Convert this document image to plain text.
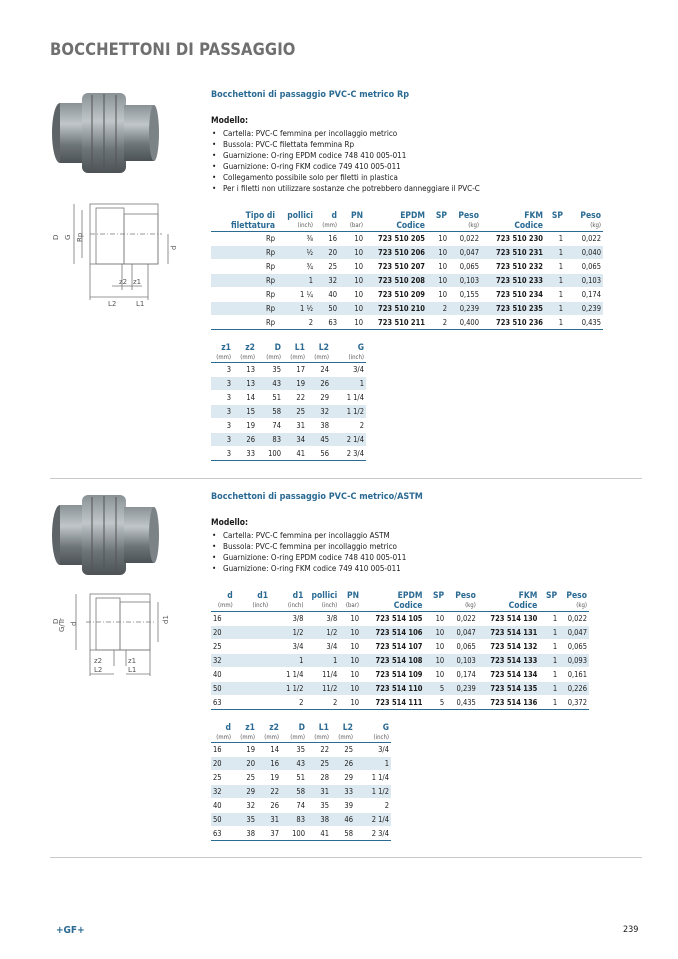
BOCCHETTONI DI PASSAGGIO
D G Rp
d
z2 z1
L2	L1
Bocchettoni di passaggio PVC-C metrico Rp
Modello:
• Cartella: PVC-C femmina per incollaggio metrico
• Bussola: PVC-C filettata femmina Rp
• Guarnizione: O-ring EPDM codice 748 410 005-011
• Guarnizione: O-ring FKM codice 749 410 005-011
• Collegamento possibile solo per filetti in plastica
• Per i filetti non utilizzare sostanze che potrebbero danneggiare il PVC-C
Tipo di	pollici	d	PN	EPDM	SP	Peso	FKM	SP	Peso
filettatura	(inch)	(mm)	(bar)	Codice		(kg)	Codice		(kg)
Rp	⅜	16	10	723 510 205	10	0,022	723 510 230	1	0,022
Rp	½	20	10	723 510 206	10	0,047	723 510 231	1	0,040
Rp	¾	25	10	723 510 207	10	0,065	723 510 232	1	0,065
Rp	1	32	10	723 510 208	10	0,103	723 510 233	1	0,103
Rp	1 ¼	40	10	723 510 209	10	0,155	723 510 234	1	0,174
Rp	1 ½	50	10	723 510 210	2	0,239	723 510 235	1	0,239
Rp	2	63	10	723 510 211	2	0,400	723 510 236	1	0,435
z1	z2	D	L1	L2	G
(mm)	(mm)	(mm)	(mm)	(mm)	(inch)
3	13	35	17	24	3/4
3	13	43	19	26	1
3	14	51	22	29	1 1/4
3	15	58	25	32	1 1/2
3	19	74	31	38	2
3	26	83	34	45	2 1/4
3	33	100	41	56	2 3/4
D
G/Tr d	d1
z2	z1
L2	L1
Bocchettoni di passaggio PVC-C metrico/ASTM
Modello:
• Cartella: PVC-C femmina per incollaggio ASTM
• Bussola: PVC-C femmina per incollaggio metrico
• Guarnizione: O-ring EPDM codice 748 410 005-011
• Guarnizione: O-ring FKM codice 749 410 005-011
d	d1	d1	pollici	PN	EPDM	SP	Peso	FKM	SP	Peso
(mm)	(inch)	(inch)	(inch)	(bar)	Codice		(kg)	Codice		(kg)
16		3/8	3/8	10	723 514 105	10	0,022	723 514 130	1	0,022
20		1/2	1/2	10	723 514 106	10	0,047	723 514 131	1	0,047
25		3/4	3/4	10	723 514 107	10	0,065	723 514 132	1	0,065
32		1	1	10	723 514 108	10	0,103	723 514 133	1	0,093
40		1 1/4	11/4	10	723 514 109	10	0,174	723 514 134	1	0,161
50		1 1/2	11/2	10	723 514 110	5	0,239	723 514 135	1	0,226
63		2	2	10	723 514 111	5	0,435	723 514 136	1	0,372
d	z1	z2	D	L1	L2	G
(mm)	(mm)	(mm)	(mm)	(mm)	(mm)	(inch)
16	19	14	35	22	25	3/4
20	20	16	43	25	26	1
25	25	19	51	28	29	1 1/4
32	29	22	58	31	33	1 1/2
40	32	26	74	35	39	2
50	35	31	83	38	46	2 1/4
63	38	37	100	41	58	2 3/4
+GF+	239
